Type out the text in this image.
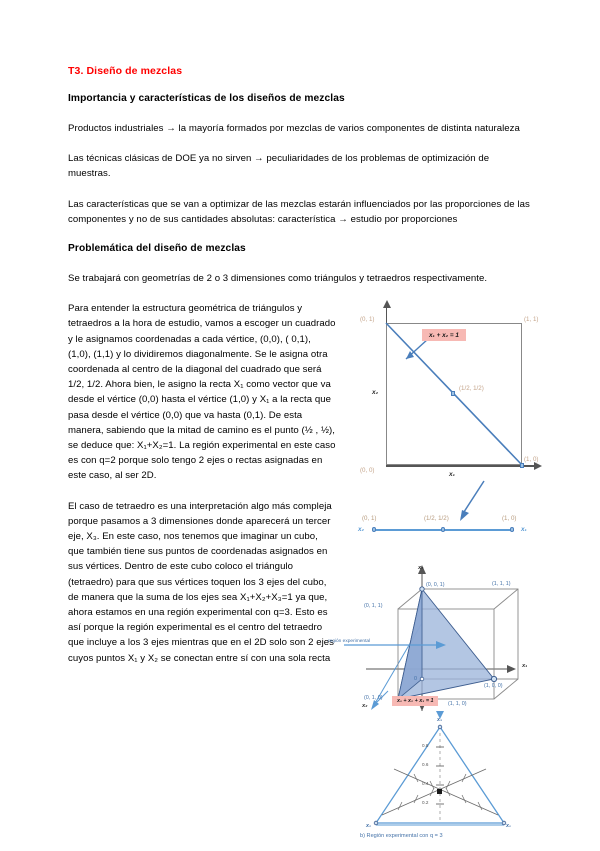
T3. Diseño de mezclas
Importancia y características de los diseños de mezclas

Productos industriales → la mayoría formados por mezclas de varios componentes de distinta naturaleza

Las técnicas clásicas de DOE ya no sirven → peculiaridades de los problemas de optimización de muestras.

Las características que se van a optimizar de las mezclas estarán influenciados por las proporciones de las componentes y no de sus cantidades absolutas: característica → estudio por proporciones

Problemática del diseño de mezclas

Se trabajará con geometrías de 2 o 3 dimensiones como triángulos y tetraedros respectivamente.

Para entender la estructura geométrica de triángulos y tetraedros a la hora de estudio, vamos a escoger un cuadrado y le asignamos coordenadas a cada vértice, (0,0), ( 0,1), (1,0), (1,1) y lo dividiremos diagonalmente. Se le asigna otra coordenada al centro de la diagonal del cuadrado que será 1/2, 1/2. Ahora bien, le asigno la recta X₁ como vector que va desde el vértice (0,0) hasta el vértice (1,0) y X₁ a la recta que pasa desde el vértice (0,0) que va hasta (0,1). De esta manera, sabiendo que la mitad de camino es el punto (½ , ½), se deduce que: X₁+X₂=1. La región experimental en este caso es con q=2 porque solo tengo 2 ejes o rectas asignadas en este caso, al ser 2D.

El caso de tetraedro es una interpretación algo más compleja porque pasamos a 3 dimensiones donde aparecerá un tercer eje, X₃. En este caso, nos tenemos que imaginar un cubo, que también tiene sus puntos de coordenadas asignados en sus vértices. Dentro de este cubo coloco el triángulo (tetraedro) para que sus vértices toquen los 3 ejes del cubo, de manera que la suma de los ejes sea X₁+X₂+X₃=1 ya que, ahora estamos en una región experimental con q=3. Esto es así porque la región experimental es el centro del tetraedro que incluye a los 3 ejes mientras que en el 2D solo son 2 ejes cuyos puntos X₁ y X₂ se conectan entre sí con una sola recta

x₁ + x₂ = 1
(0, 1)	(1, 1)
(0, 0)
(1, 0)
(1/2, 1/2)
x₂
x₁
(0, 1)	(1/2, 1/2)	(1, 0)
x₂	x₁
(0, 0, 1)	(1, 1, 1)
(0, 1, 1)
(1, 0, 0)
(1, 1, 0)
(0, 1, 0)
0
x₃
x₁
x₂
región experimental
x₁ + x₂ + x₃ = 1
x₃
x₂	x₁
0.8
0.6
0.4
0.2
b) Región experimental con q = 3
